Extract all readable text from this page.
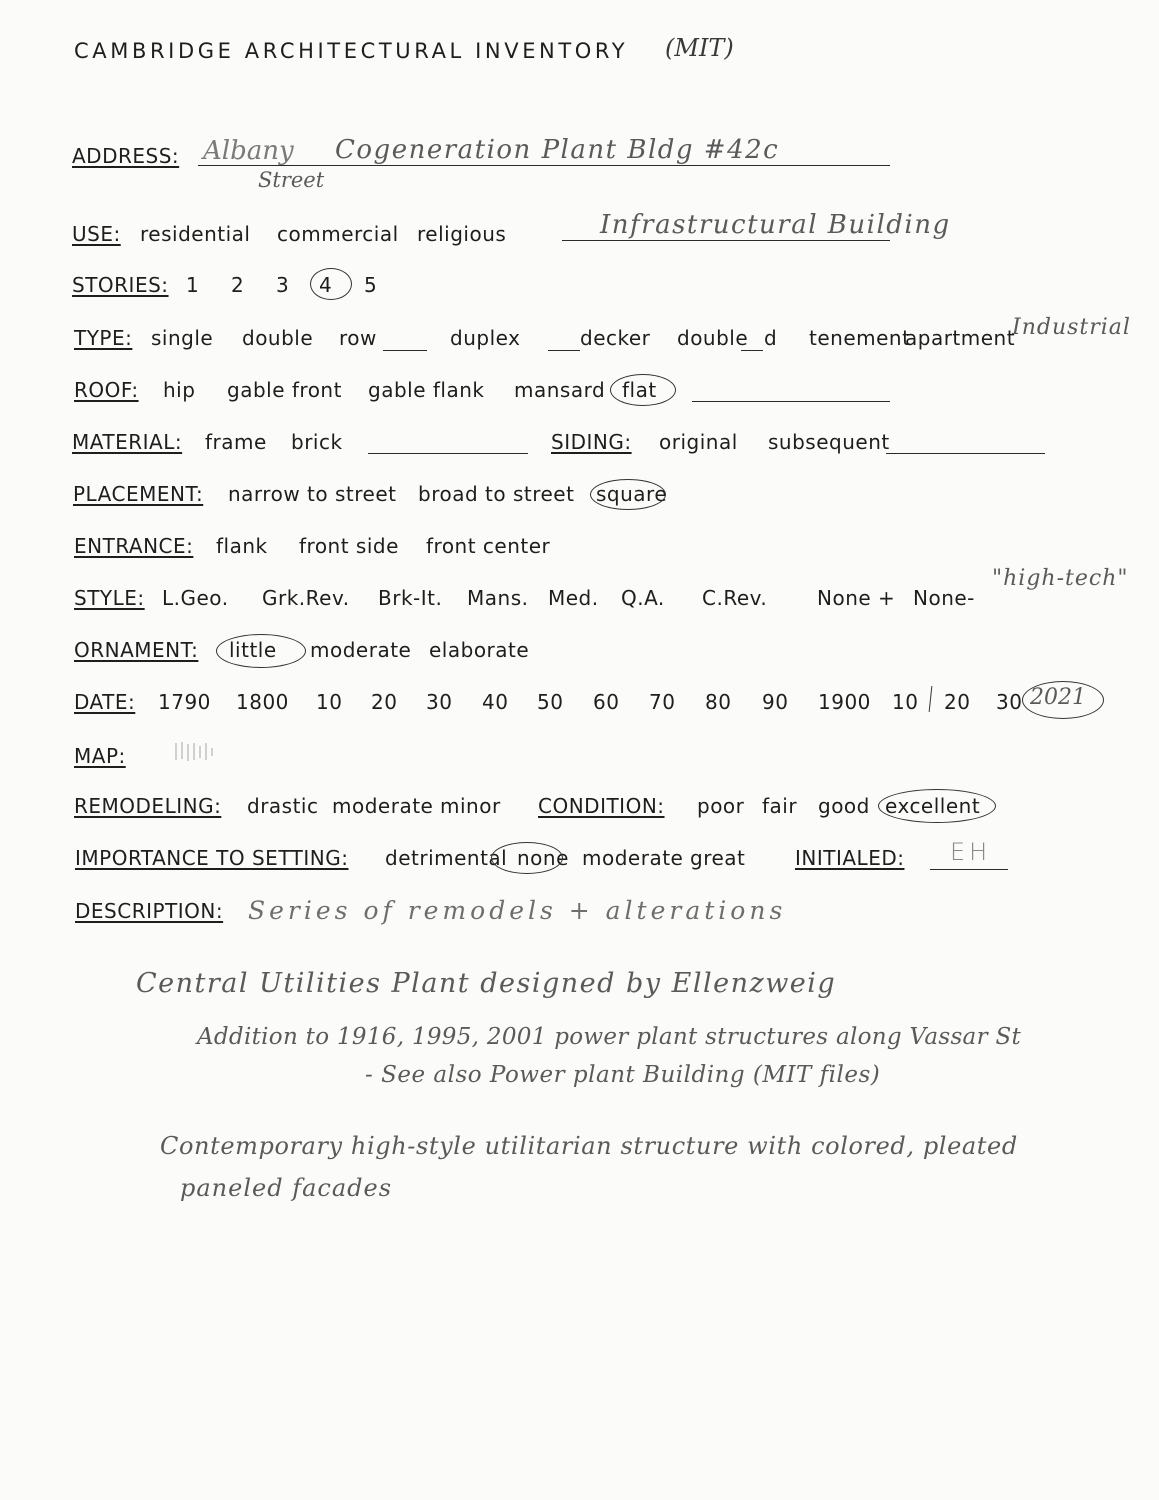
CAMBRIDGE ARCHITECTURAL INVENTORY (MIT)
ADDRESS: Albany
Street
Cogeneration Plant Bldg #42c
USE: residential commercial religious	Infrastructural Building
STORIES: 1 2 3 4 5
TYPE: single double row	duplex	decker double d tenement
apartment
Industrial
ROOF: hip gable front gable flank mansard flat
MATERIAL: frame brick	SIDING: original subsequent
PLACEMENT: narrow to street broad to street square
ENTRANCE: flank front side front center
STYLE: L.Geo. Grk.Rev. Brk-It. Mans. Med. Q.A. C.Rev. None + None-
"high-tech"
ORNAMENT: little moderate elaborate
DATE: 1790 1800 10 20 30 40 50 60 70 80 90 1900 10 20 30 2021
MAP:
REMODELING: drastic moderate minor CONDITION: poor fair good excellent
IMPORTANCE TO SETTING: detrimental none moderate great INITIALED: EH
DESCRIPTION: Series of remodels + alterations
Central Utilities Plant designed by Ellenzweig
Addition to 1916, 1995, 2001 power plant structures along Vassar St
- See also Power plant Building (MIT files)
Contemporary high-style utilitarian structure with colored, pleated
paneled facades
